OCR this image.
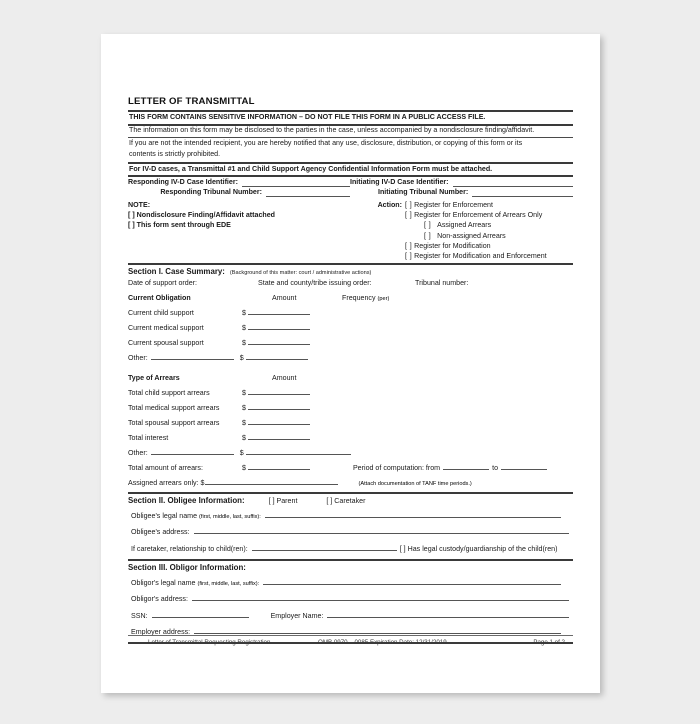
LETTER OF TRANSMITTAL
THIS FORM CONTAINS SENSITIVE INFORMATION – DO NOT FILE THIS FORM IN A PUBLIC ACCESS FILE.
The information on this form may be disclosed to the parties in the case, unless accompanied by a nondisclosure finding/affidavit.
If you are not the intended recipient, you are hereby notified that any use, disclosure, distribution, or copying of this form or its
contents is strictly prohibited.
For IV-D cases, a Transmittal #1 and Child Support Agency Confidential Information Form must be attached.
Responding IV-D Case Identifier:	Initiating IV-D Case Identifier:
Responding Tribunal Number:	Initiating Tribunal Number:
NOTE:	Action: [ ] Register for Enforcement
[ ] Nondisclosure Finding/Affidavit attached	[ ] Register for Enforcement of Arrears Only
[ ] This form sent through EDE	[ ] Assigned Arrears
[ ] Non-assigned Arrears
[ ] Register for Modification
[ ] Register for Modification and Enforcement
Section I. Case Summary: (Background of this matter: court / administrative actions)
Date of support order:	State and county/tribe issuing order:	Tribunal number:
Current Obligation	Amount	Frequency (per)
Current child support	$
Current medical support	$
Current spousal support	$
Other:	$
Type of Arrears	Amount
Total child support arrears	$
Total medical support arrears	$
Total spousal support arrears	$
Total interest	$
Other:	$
Total amount of arrears:	$	Period of computation: from	to
Assigned arrears only: $	(Attach documentation of TANF time periods.)
Section II. Obligee Information:	[ ] Parent	[ ] Caretaker
Obligee's legal name (first, middle, last, suffix):
Obligee's address:
If caretaker, relationship to child(ren):	[ ] Has legal custody/guardianship of the child(ren)
Section III. Obligor Information:
Obligor's legal name (first, middle, last, suffix):
Obligor's address:
SSN:	Employer Name:
Employer address:
Letter of Transmittal Requesting Registration	OMB 0970 – 0085 Expiration Date: 12/31/2019	Page 1 of 2
